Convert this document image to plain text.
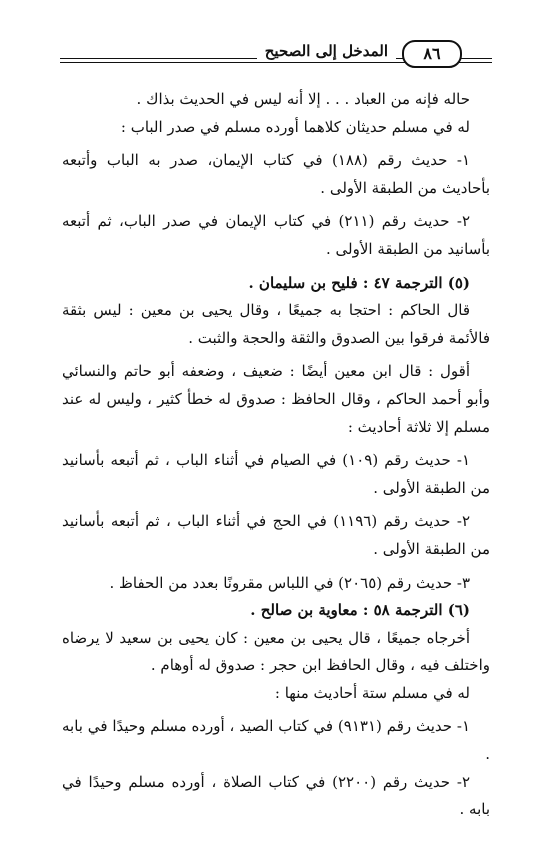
المدخل إلى الصحيح	٨٦

حاله فإنه من العباد . . . إلا أنه ليس في الحديث بذاك .

له في مسلم حديثان كلاهما أورده مسلم في صدر الباب :

١- حديث رقم (١٨٨) في كتاب الإيمان، صدر به الباب وأتبعه بأحاديث من الطبقة الأولى .

٢- حديث رقم (٢١١) في كتاب الإيمان في صدر الباب، ثم أتبعه بأسانيد من الطبقة الأولى .

(٥) الترجمة ٤٧ : فليح بن سليمان .

قال الحاكم : احتجا به جميعًا ، وقال يحيى بن معين : ليس بثقة فالأئمة فرقوا بين الصدوق والثقة والحجة والثبت .

أقول : قال ابن معين أيضًا : ضعيف ، وضعفه أبو حاتم والنسائي وأبو أحمد الحاكم ، وقال الحافظ : صدوق له خطأ كثير ، وليس له عند مسلم إلا ثلاثة أحاديث :

١- حديث رقم (١٠٩) في الصيام في أثناء الباب ، ثم أتبعه بأسانيد من الطبقة الأولى .

٢- حديث رقم (١١٩٦) في الحج في أثناء الباب ، ثم أتبعه بأسانيد من الطبقة الأولى .

٣- حديث رقم (٢٠٦٥) في اللباس مقرونًا بعدد من الحفاظ .

(٦) الترجمة ٥٨ : معاوية بن صالح .

أخرجاه جميعًا ، قال يحيى بن معين : كان يحيى بن سعيد لا يرضاه واختلف فيه ، وقال الحافظ ابن حجر : صدوق له أوهام .

له في مسلم ستة أحاديث منها :

١- حديث رقم (٩١٣١) في كتاب الصيد ، أورده مسلم وحيدًا في بابه .

٢- حديث رقم (٢٢٠٠) في كتاب الصلاة ، أورده مسلم وحيدًا في بابه .
